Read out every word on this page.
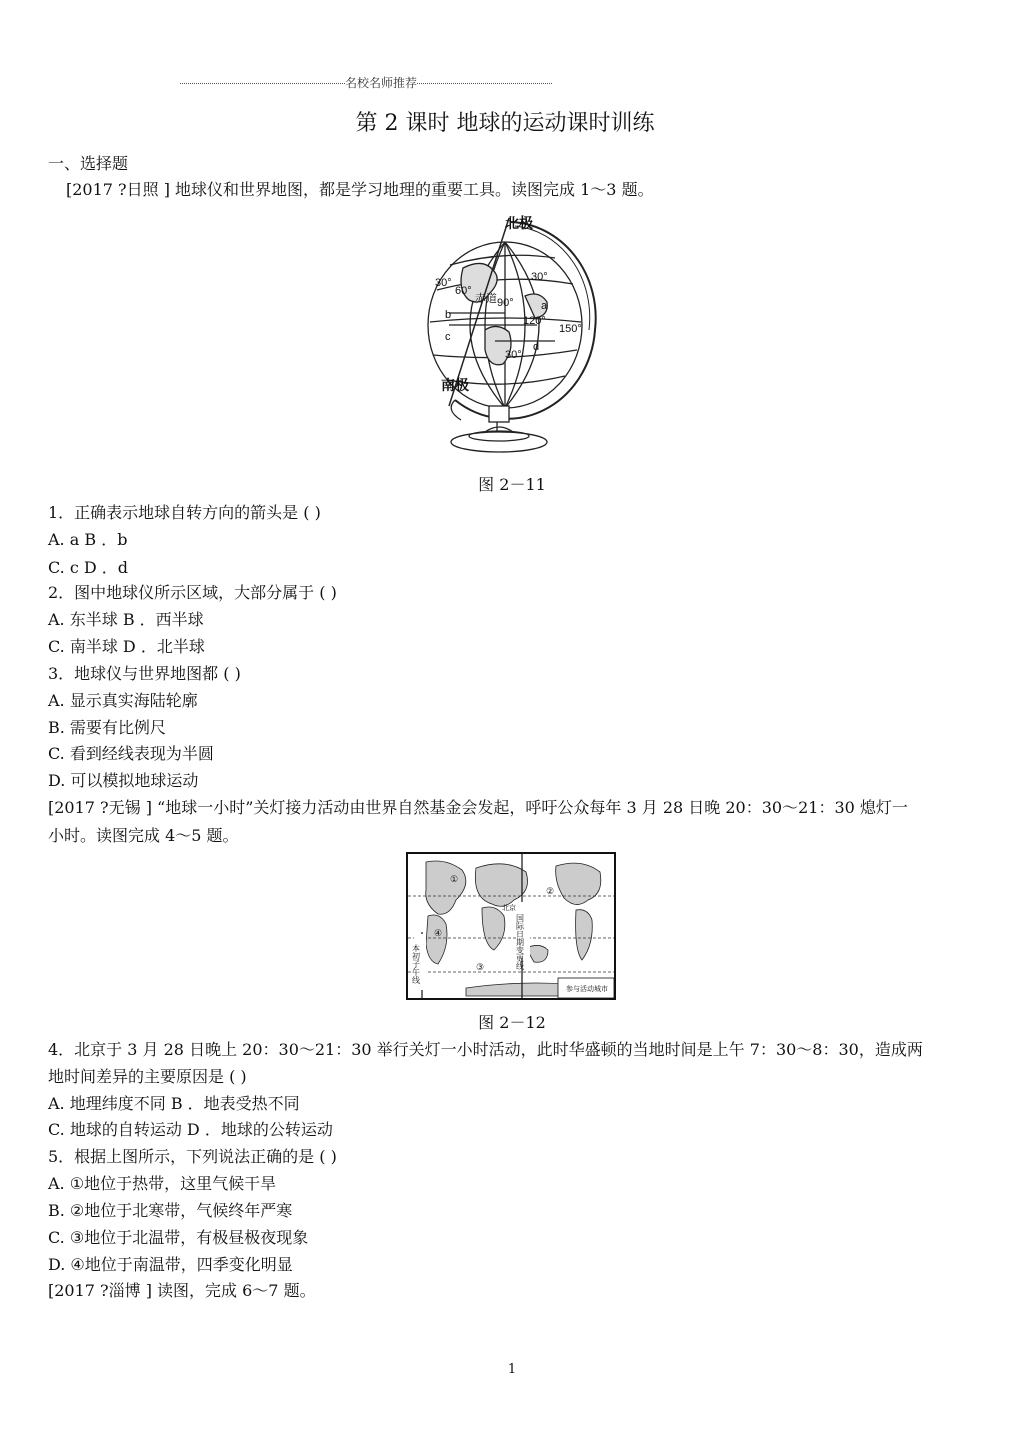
名校名师推荐
第 2 课时 地球的运动课时训练
一、选择题
[2017 ?日照 ] 地球仪和世界地图，都是学习地理的重要工具。读图完成 1～3 题。
北极
南极
30°
30°
30°
60°
赤道 90°
120°
150°
a
b
c
d
图 2－11
1．正确表示地球自转方向的箭头是 ( )
A. a B ．b
C. c D ．d
2．图中地球仪所示区域，大部分属于 ( )
A. 东半球 B ．西半球
C. 南半球 D ．北半球
3．地球仪与世界地图都 ( )
A. 显示真实海陆轮廓
B. 需要有比例尺
C. 看到经线表现为半圆
D. 可以模拟地球运动
[2017 ?无锡 ] “地球一小时”关灯接力活动由世界自然基金会发起，呼吁公众每年 3 月 28 日晚 20：30～21：30 熄灯一
小时。读图完成 4～5 题。
国际日期变更线
本初子午线
①
②
③
④
北京
参与活动城市
图 2－12
4．北京于 3 月 28 日晚上 20：30～21：30 举行关灯一小时活动，此时华盛顿的当地时间是上午 7：30～8：30，造成两
地时间差异的主要原因是 ( )
A. 地理纬度不同 B ．地表受热不同
C. 地球的自转运动 D ．地球的公转运动
5．根据上图所示，下列说法正确的是 ( )
A. ①地位于热带，这里气候干旱
B. ②地位于北寒带，气候终年严寒
C. ③地位于北温带，有极昼极夜现象
D. ④地位于南温带，四季变化明显
[2017 ?淄博 ] 读图，完成 6～7 题。
1
